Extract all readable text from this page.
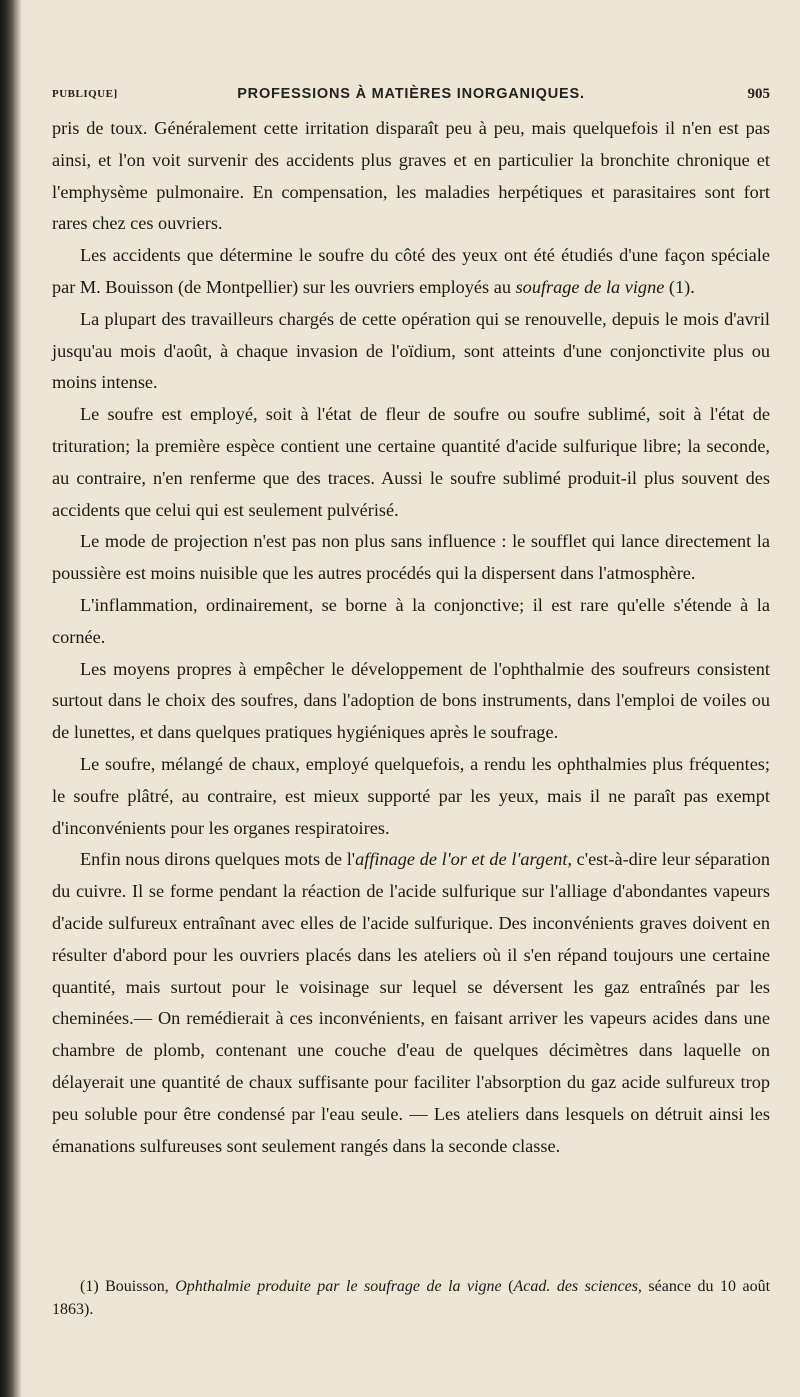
PUBLIQUE]	PROFESSIONS À MATIÈRES INORGANIQUES.	905

pris de toux. Généralement cette irritation disparaît peu à peu, mais quelquefois il n'en est pas ainsi, et l'on voit survenir des accidents plus graves et en particulier la bronchite chronique et l'emphysème pulmonaire. En compensation, les maladies herpétiques et parasitaires sont fort rares chez ces ouvriers.

Les accidents que détermine le soufre du côté des yeux ont été étudiés d'une façon spéciale par M. Bouisson (de Montpellier) sur les ouvriers employés au soufrage de la vigne (1).

La plupart des travailleurs chargés de cette opération qui se renouvelle, depuis le mois d'avril jusqu'au mois d'août, à chaque invasion de l'oïdium, sont atteints d'une conjonctivite plus ou moins intense.

Le soufre est employé, soit à l'état de fleur de soufre ou soufre sublimé, soit à l'état de trituration; la première espèce contient une certaine quantité d'acide sulfurique libre; la seconde, au contraire, n'en renferme que des traces. Aussi le soufre sublimé produit-il plus souvent des accidents que celui qui est seulement pulvérisé.

Le mode de projection n'est pas non plus sans influence : le soufflet qui lance directement la poussière est moins nuisible que les autres procédés qui la dispersent dans l'atmosphère.

L'inflammation, ordinairement, se borne à la conjonctive; il est rare qu'elle s'étende à la cornée.

Les moyens propres à empêcher le développement de l'ophthalmie des soufreurs consistent surtout dans le choix des soufres, dans l'adoption de bons instruments, dans l'emploi de voiles ou de lunettes, et dans quelques pratiques hygiéniques après le soufrage.

Le soufre, mélangé de chaux, employé quelquefois, a rendu les ophthalmies plus fréquentes; le soufre plâtré, au contraire, est mieux supporté par les yeux, mais il ne paraît pas exempt d'inconvénients pour les organes respiratoires.

Enfin nous dirons quelques mots de l'affinage de l'or et de l'argent, c'est-à-dire leur séparation du cuivre. Il se forme pendant la réaction de l'acide sulfurique sur l'alliage d'abondantes vapeurs d'acide sulfureux entraînant avec elles de l'acide sulfurique. Des inconvénients graves doivent en résulter d'abord pour les ouvriers placés dans les ateliers où il s'en répand toujours une certaine quantité, mais surtout pour le voisinage sur lequel se déversent les gaz entraînés par les cheminées.— On remédierait à ces inconvénients, en faisant arriver les vapeurs acides dans une chambre de plomb, contenant une couche d'eau de quelques décimètres dans laquelle on délayerait une quantité de chaux suffisante pour faciliter l'absorption du gaz acide sulfureux trop peu soluble pour être condensé par l'eau seule. — Les ateliers dans lesquels on détruit ainsi les émanations sulfureuses sont seulement rangés dans la seconde classe.

(1) Bouisson, Ophthalmie produite par le soufrage de la vigne (Acad. des sciences, séance du 10 août 1863).
